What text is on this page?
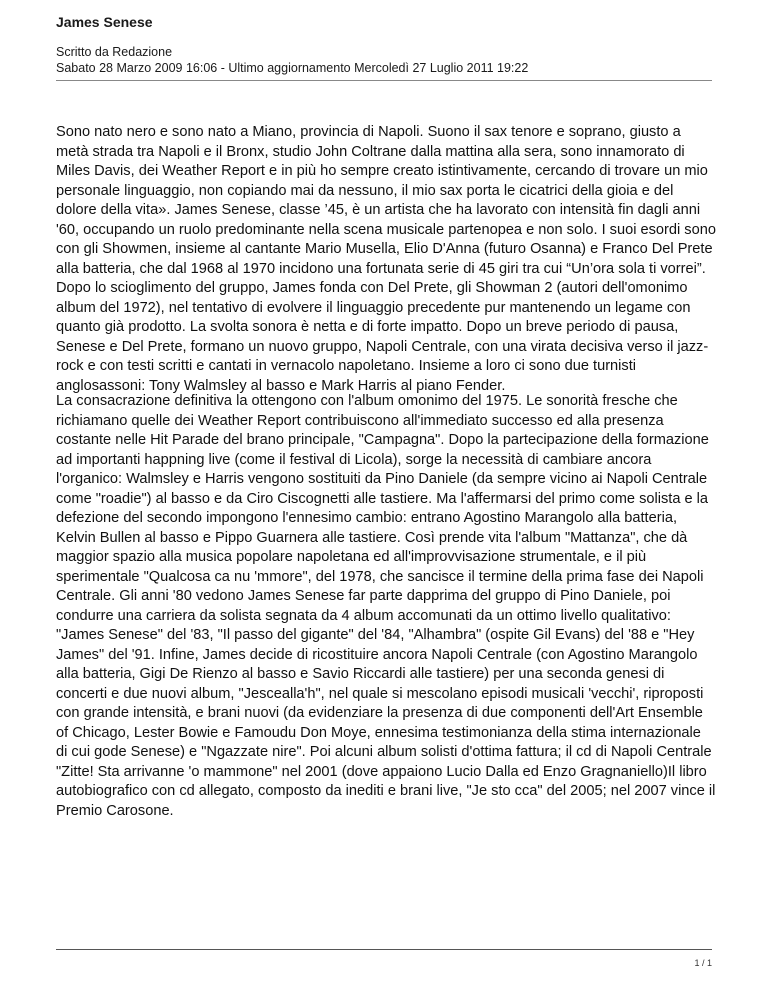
James Senese
Scritto da Redazione
Sabato 28 Marzo 2009 16:06 - Ultimo aggiornamento Mercoledì 27 Luglio 2011 19:22

Sono nato nero e sono nato a Miano, provincia di Napoli. Suono il sax tenore e soprano, giusto a metà strada tra Napoli e il Bronx, studio John Coltrane dalla mattina alla sera, sono innamorato di Miles Davis, dei Weather Report e in più ho sempre creato istintivamente, cercando di trovare un mio personale linguaggio, non copiando mai da nessuno, il mio sax porta le cicatrici della gioia e del dolore della vita». James Senese, classe ’45, è un artista che ha lavorato con intensità fin dagli anni '60, occupando un ruolo predominante nella scena musicale partenopea e non solo. I suoi esordi sono con gli Showmen, insieme al cantante Mario Musella, Elio D'Anna (futuro Osanna) e Franco Del Prete alla batteria, che dal 1968 al 1970 incidono una fortunata serie di 45 giri tra cui “Un’ora sola ti vorrei”. Dopo lo scioglimento del gruppo, James fonda con Del Prete, gli Showman 2 (autori dell'omonimo album del 1972), nel tentativo di evolvere il linguaggio precedente pur mantenendo un legame con quanto già prodotto. La svolta sonora è netta e di forte impatto. Dopo un breve periodo di pausa, Senese e Del Prete, formano un nuovo gruppo, Napoli Centrale, con una virata decisiva verso il jazz-rock e con testi scritti e cantati in vernacolo napoletano. Insieme a loro ci sono due turnisti anglosassoni: Tony Walmsley al basso e Mark Harris al piano Fender.

La consacrazione definitiva la ottengono con l'album omonimo del 1975. Le sonorità fresche che richiamano quelle dei Weather Report contribuiscono all'immediato successo ed alla presenza costante nelle Hit Parade del brano principale, "Campagna". Dopo la partecipazione della formazione ad importanti happning live (come il festival di Licola), sorge la necessità di cambiare ancora l'organico: Walmsley e Harris vengono sostituiti da Pino Daniele (da sempre vicino ai Napoli Centrale come "roadie") al basso e da Ciro Ciscognetti alle tastiere. Ma l'affermarsi del primo come solista e la defezione del secondo impongono l'ennesimo cambio: entrano Agostino Marangolo alla batteria, Kelvin Bullen al basso e Pippo Guarnera alle tastiere. Così prende vita l'album "Mattanza", che dà maggior spazio alla musica popolare napoletana ed all'improvvisazione strumentale, e il più sperimentale "Qualcosa ca nu 'mmore", del 1978, che sancisce il termine della prima fase dei Napoli Centrale. Gli anni '80 vedono James Senese far parte dapprima del gruppo di Pino Daniele, poi condurre una carriera da solista segnata da 4 album accomunati da un ottimo livello qualitativo: "James Senese" del '83, "Il passo del gigante" del '84, "Alhambra" (ospite Gil Evans) del '88 e "Hey James" del '91. Infine, James decide di ricostituire ancora Napoli Centrale (con Agostino Marangolo alla batteria, Gigi De Rienzo al basso e Savio Riccardi alle tastiere) per una seconda genesi di concerti e due nuovi album, "Jescealla'h", nel quale si mescolano episodi musicali 'vecchi', riproposti con grande intensità, e brani nuovi (da evidenziare la presenza di due componenti dell'Art Ensemble of Chicago, Lester Bowie e Famoudu Don Moye, ennesima testimonianza della stima internazionale di cui gode Senese) e "Ngazzate nire". Poi alcuni album solisti d'ottima fattura; il cd di Napoli Centrale "Zitte! Sta arrivanne 'o mammone" nel 2001 (dove appaiono Lucio Dalla ed Enzo Gragnaniello)Il libro autobiografico con cd allegato, composto da inediti e brani live, "Je sto cca" del 2005; nel 2007 vince il Premio Carosone.

1 / 1
